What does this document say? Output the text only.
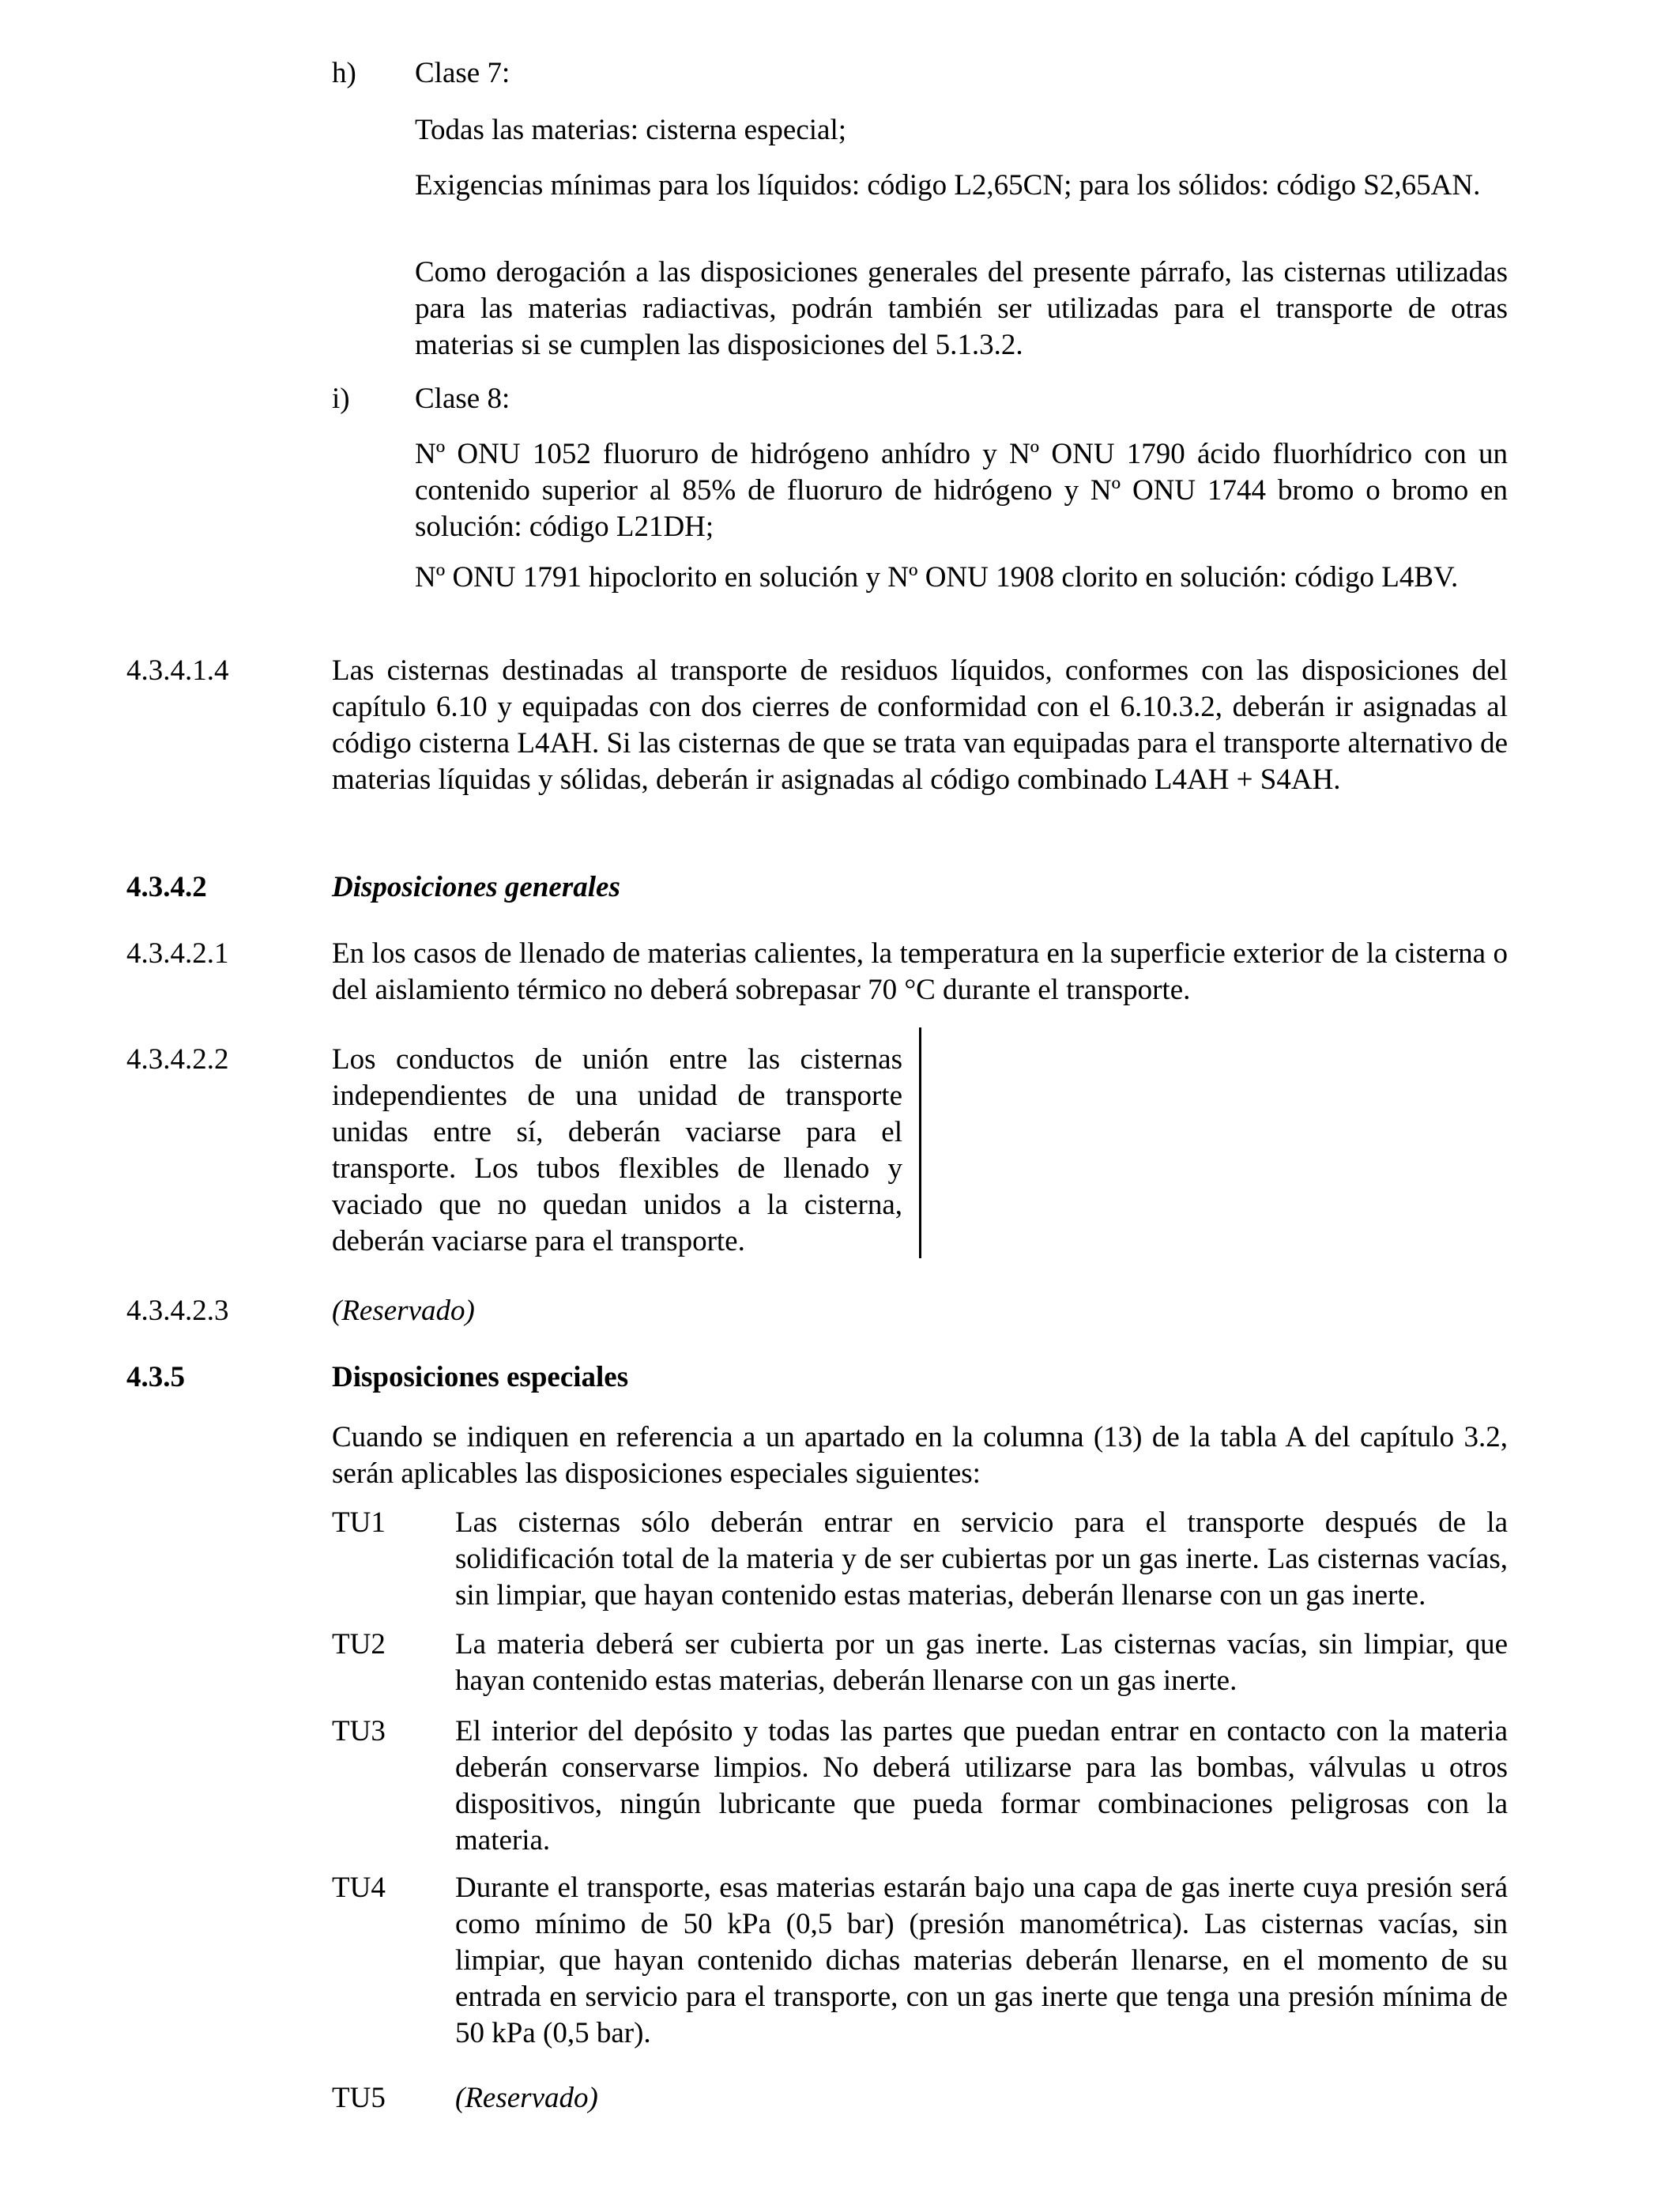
h) Clase 7:

Todas las materias: cisterna especial;

Exigencias mínimas para los líquidos: código L2,65CN; para los sólidos: código S2,65AN.

Como derogación a las disposiciones generales del presente párrafo, las cisternas utilizadas para las materias radiactivas, podrán también ser utilizadas para el transporte de otras materias si se cumplen las disposiciones del 5.1.3.2.

i) Clase 8:

Nº ONU 1052 fluoruro de hidrógeno anhídro y Nº ONU 1790 ácido fluorhídrico con un contenido superior al 85% de fluoruro de hidrógeno y Nº ONU 1744 bromo o bromo en solución: código L21DH;

Nº ONU 1791 hipoclorito en solución y Nº ONU 1908 clorito en solución: código L4BV.

4.3.4.1.4	Las cisternas destinadas al transporte de residuos líquidos, conformes con las disposiciones del capítulo 6.10 y equipadas con dos cierres de conformidad con el 6.10.3.2, deberán ir asignadas al código cisterna L4AH. Si las cisternas de que se trata van equipadas para el transporte alternativo de materias líquidas y sólidas, deberán ir asignadas al código combinado L4AH + S4AH.

4.3.4.2	Disposiciones generales
4.3.4.2.1	En los casos de llenado de materias calientes, la temperatura en la superficie exterior de la cisterna o del aislamiento térmico no deberá sobrepasar 70 °C durante el transporte.

4.3.4.2.2	Los conductos de unión entre las cisternas independientes de una unidad de transporte unidas entre sí, deberán vaciarse para el transporte. Los tubos flexibles de llenado y vaciado que no quedan unidos a la cisterna, deberán vaciarse para el transporte.

4.3.4.2.3	(Reservado)
4.3.5	Disposiciones especiales

Cuando se indiquen en referencia a un apartado en la columna (13) de la tabla A del capítulo 3.2, serán aplicables las disposiciones especiales siguientes:

TU1 Las cisternas sólo deberán entrar en servicio para el transporte después de la solidificación total de la materia y de ser cubiertas por un gas inerte. Las cisternas vacías, sin limpiar, que hayan contenido estas materias, deberán llenarse con un gas inerte.

TU2 La materia deberá ser cubierta por un gas inerte. Las cisternas vacías, sin limpiar, que hayan contenido estas materias, deberán llenarse con un gas inerte.

TU3 El interior del depósito y todas las partes que puedan entrar en contacto con la materia deberán conservarse limpios. No deberá utilizarse para las bombas, válvulas u otros dispositivos, ningún lubricante que pueda formar combinaciones peligrosas con la materia.

TU4 Durante el transporte, esas materias estarán bajo una capa de gas inerte cuya presión será como mínimo de 50 kPa (0,5 bar) (presión manométrica). Las cisternas vacías, sin limpiar, que hayan contenido dichas materias deberán llenarse, en el momento de su entrada en servicio para el transporte, con un gas inerte que tenga una presión mínima de 50 kPa (0,5 bar).

TU5 (Reservado)
